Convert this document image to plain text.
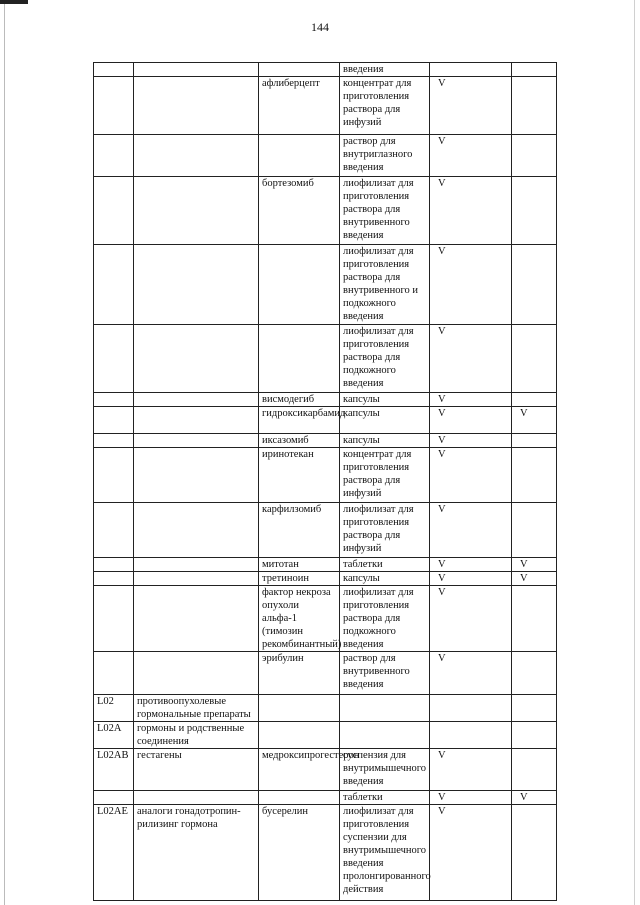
144
			введения		
		афлиберцепт	концентрат для приготовления раствора для инфузий	V	
			раствор для внутриглазного введения	V	
		бортезомиб	лиофилизат для приготовления раствора для внутривенного введения	V	
			лиофилизат для приготовления раствора для внутривенного и подкожного введения	V	
			лиофилизат для приготовления раствора для подкожного введения	V	
		висмодегиб	капсулы	V	
		гидроксикарбамид	капсулы	V	V
		иксазомиб	капсулы	V	
		иринотекан	концентрат для приготовления раствора для инфузий	V	
		карфилзомиб	лиофилизат для приготовления раствора для инфузий	V	
		митотан	таблетки	V	V
		третиноин	капсулы	V	V
		фактор некроза опухоли альфа-1 (тимозин рекомбинантный)	лиофилизат для приготовления раствора для подкожного введения	V	
		эрибулин	раствор для внутривенного введения	V	
L02	противоопухолевые гормональные препараты				
L02A	гормоны и родственные соединения				
L02AB	гестагены	медроксипрогестерон	суспензия для внутримышечного введения	V	
			таблетки	V	V
L02AE	аналоги гонадотропин-рилизинг гормона	бусерелин	лиофилизат для приготовления суспензии для внутримышечного введения пролонгированного действия	V	
